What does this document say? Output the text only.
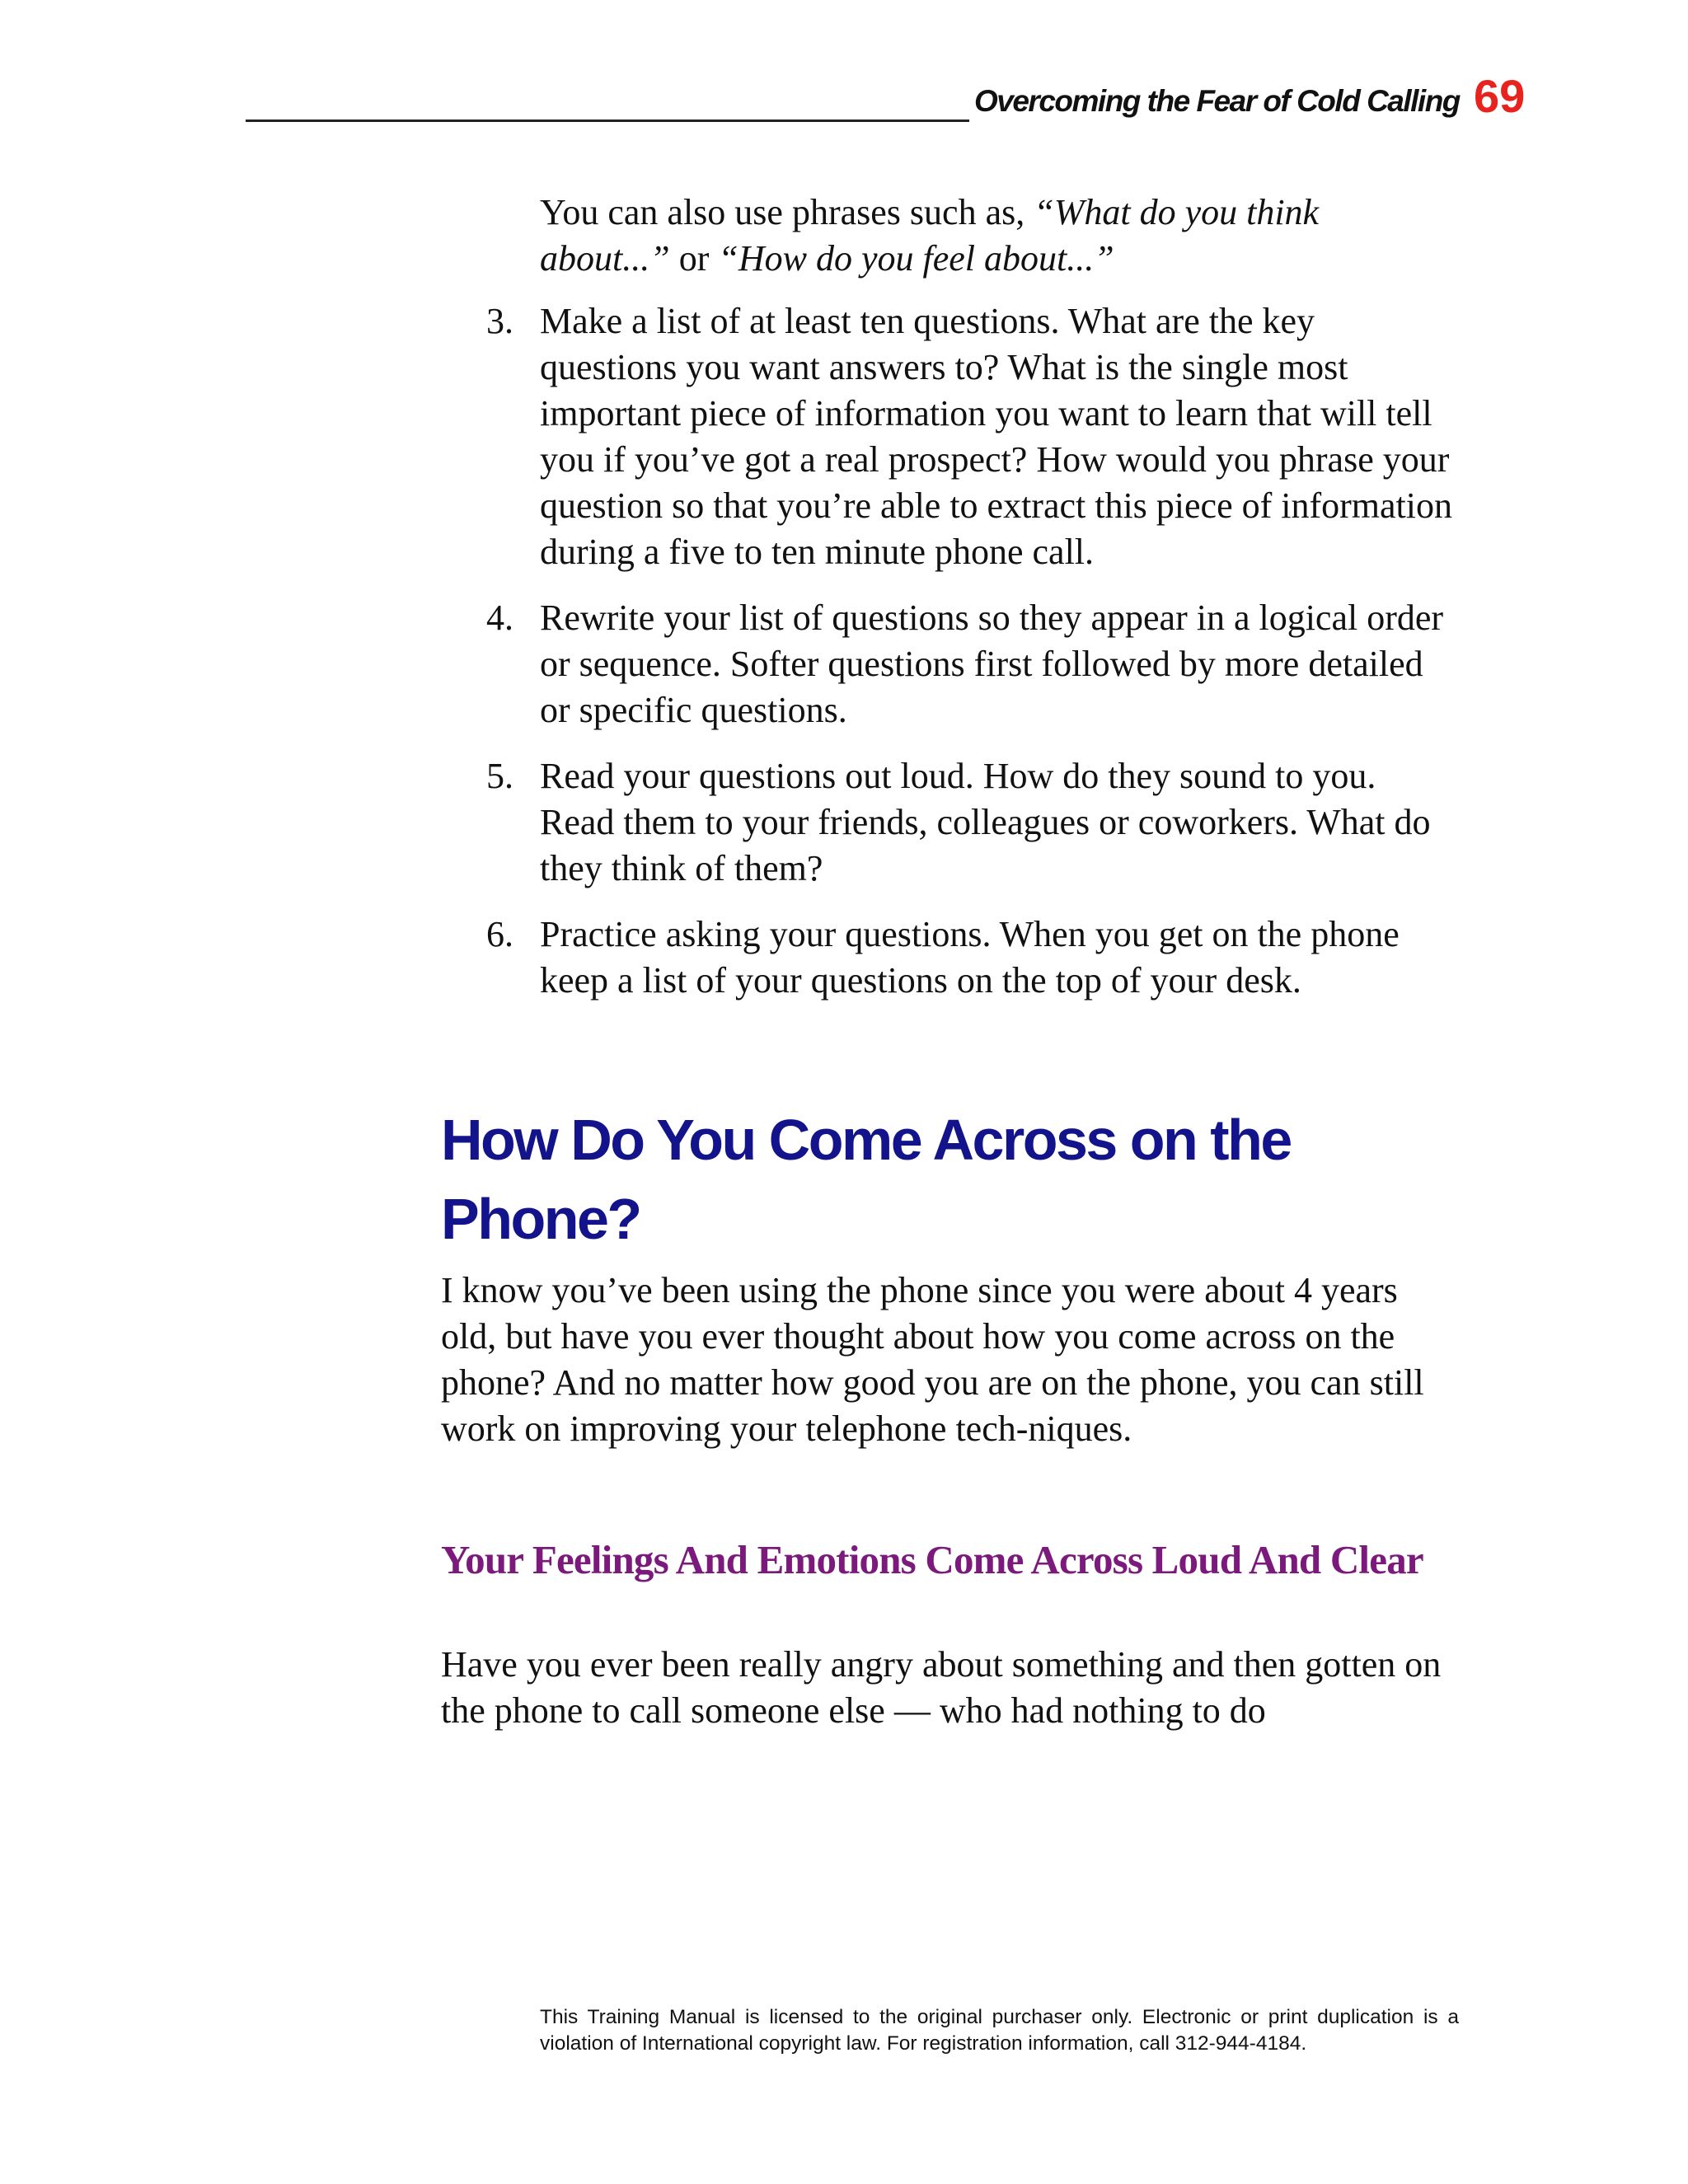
Overcoming the Fear of Cold Calling 69

You can also use phrases such as, “What do you think about...” or “How do you feel about...”

3. Make a list of at least ten questions. What are the key questions you want answers to? What is the single most important piece of information you want to learn that will tell you if you’ve got a real prospect? How would you phrase your question so that you’re able to extract this piece of information during a five to ten minute phone call.
4. Rewrite your list of questions so they appear in a logical order or sequence. Softer questions first followed by more detailed or specific questions.
5. Read your questions out loud. How do they sound to you. Read them to your friends, colleagues or coworkers. What do they think of them?
6. Practice asking your questions. When you get on the phone keep a list of your questions on the top of your desk.
How Do You Come Across on the Phone?

I know you’ve been using the phone since you were about 4 years old, but have you ever thought about how you come across on the phone? And no matter how good you are on the phone, you can still work on improving your telephone tech-niques.

Your Feelings And Emotions Come Across Loud And Clear

Have you ever been really angry about something and then gotten on the phone to call someone else — who had nothing to do

This Training Manual is licensed to the original purchaser only. Electronic or print duplication is a violation of International copyright law. For registration information, call 312-944-4184.
